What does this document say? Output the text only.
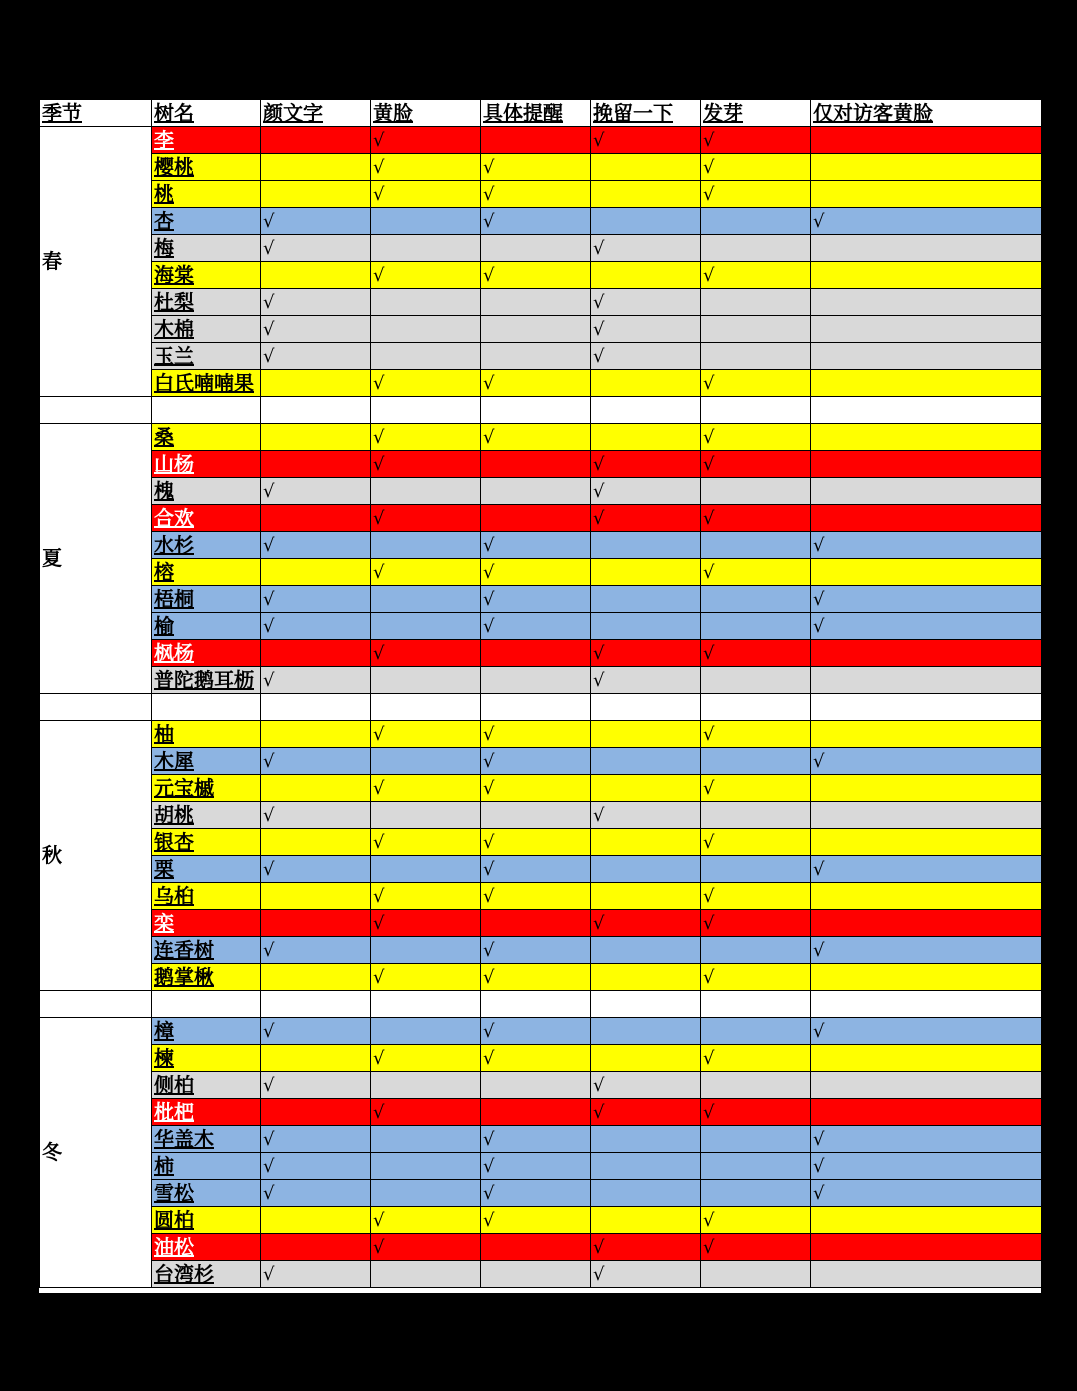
季节	树名	颜文字	黄脸	具体提醒	挽留一下	发芽	仅对访客黄脸
春	李		√		√	√	
	樱桃		√	√		√	
	桃		√	√		√	
	杏	√		√			√
	梅	√			√		
	海棠		√	√		√	
	杜梨	√			√		
	木棉	√			√		
	玉兰	√			√		
	白氏喃喃果		√	√		√	

夏	桑		√	√		√	
	山杨		√		√	√	
	槐	√			√		
	合欢		√		√	√	
	水杉	√		√			√
	榕		√	√		√	
	梧桐	√		√			√
	榆	√		√			√
	枫杨		√		√	√	
	普陀鹅耳枥	√			√		

秋	柚		√	√		√	
	木犀	√		√			√
	元宝槭		√	√		√	
	胡桃	√			√		
	银杏		√	√		√	
	栗	√		√			√
	乌桕		√	√		√	
	栾		√		√	√	
	连香树	√		√			√
	鹅掌楸		√	√		√	

冬	樟	√		√			√
	楝		√	√		√	
	侧柏	√			√		
	枇杷		√		√	√	
	华盖木	√		√			√
	柿	√		√			√
	雪松	√		√			√
	圆柏		√	√		√	
	油松		√		√	√	
	台湾杉	√			√		
